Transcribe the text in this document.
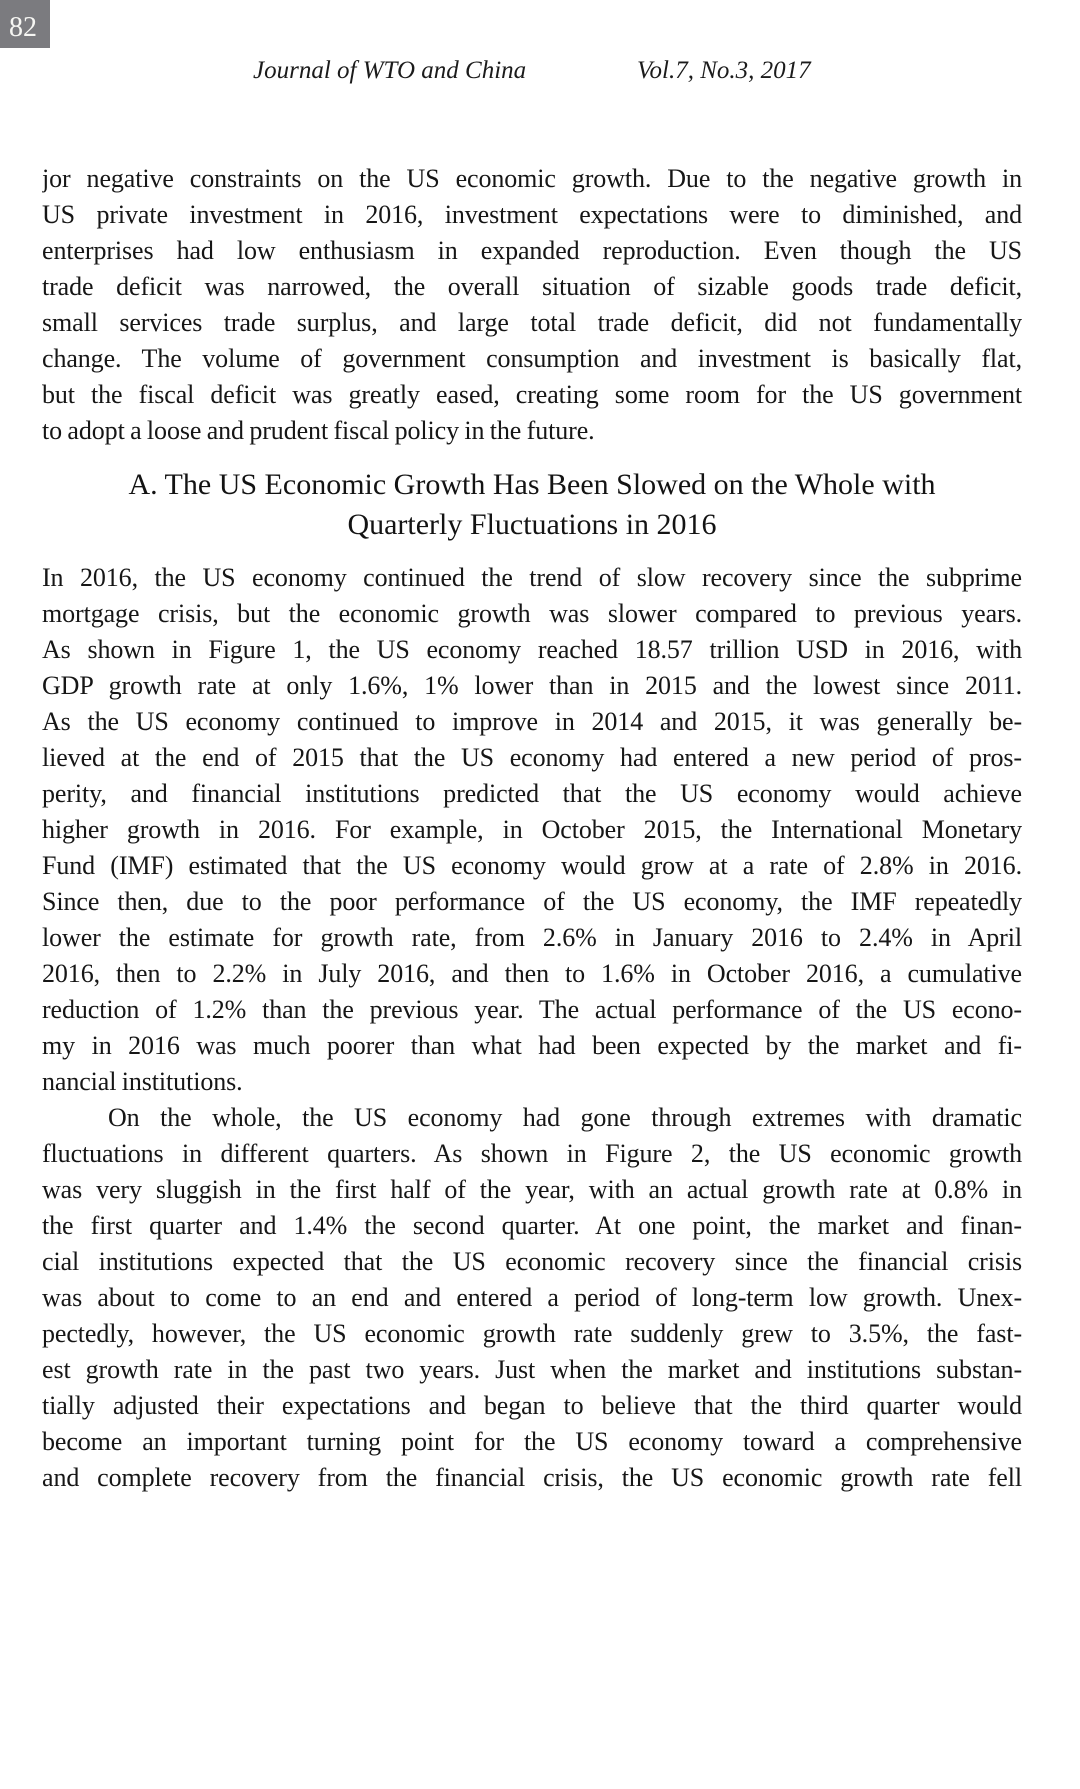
82
Journal of WTO and China	Vol.7, No.3, 2017
jor negative constraints on the US economic growth. Due to the negative growth in
US private investment in 2016, investment expectations were to diminished, and
enterprises had low enthusiasm in expanded reproduction. Even though the US
trade deficit was narrowed, the overall situation of sizable goods trade deficit,
small services trade surplus, and large total trade deficit, did not fundamentally
change. The volume of government consumption and investment is basically flat,
but the fiscal deficit was greatly eased, creating some room for the US government
to adopt a loose and prudent fiscal policy in the future.
A. The US Economic Growth Has Been Slowed on the Whole with
Quarterly Fluctuations in 2016
In 2016, the US economy continued the trend of slow recovery since the subprime
mortgage crisis, but the economic growth was slower compared to previous years.
As shown in Figure 1, the US economy reached 18.57 trillion USD in 2016, with
GDP growth rate at only 1.6%, 1% lower than in 2015 and the lowest since 2011.
As the US economy continued to improve in 2014 and 2015, it was generally be-
lieved at the end of 2015 that the US economy had entered a new period of pros-
perity, and financial institutions predicted that the US economy would achieve
higher growth in 2016. For example, in October 2015, the International Monetary
Fund (IMF) estimated that the US economy would grow at a rate of 2.8% in 2016.
Since then, due to the poor performance of the US economy, the IMF repeatedly
lower the estimate for growth rate, from 2.6% in January 2016 to 2.4% in April
2016, then to 2.2% in July 2016, and then to 1.6% in October 2016, a cumulative
reduction of 1.2% than the previous year. The actual performance of the US econo-
my in 2016 was much poorer than what had been expected by the market and fi-
nancial institutions.
On the whole, the US economy had gone through extremes with dramatic
fluctuations in different quarters. As shown in Figure 2, the US economic growth
was very sluggish in the first half of the year, with an actual growth rate at 0.8% in
the first quarter and 1.4% the second quarter. At one point, the market and finan-
cial institutions expected that the US economic recovery since the financial crisis
was about to come to an end and entered a period of long-term low growth. Unex-
pectedly, however, the US economic growth rate suddenly grew to 3.5%, the fast-
est growth rate in the past two years. Just when the market and institutions substan-
tially adjusted their expectations and began to believe that the third quarter would
become an important turning point for the US economy toward a comprehensive
and complete recovery from the financial crisis, the US economic growth rate fell
